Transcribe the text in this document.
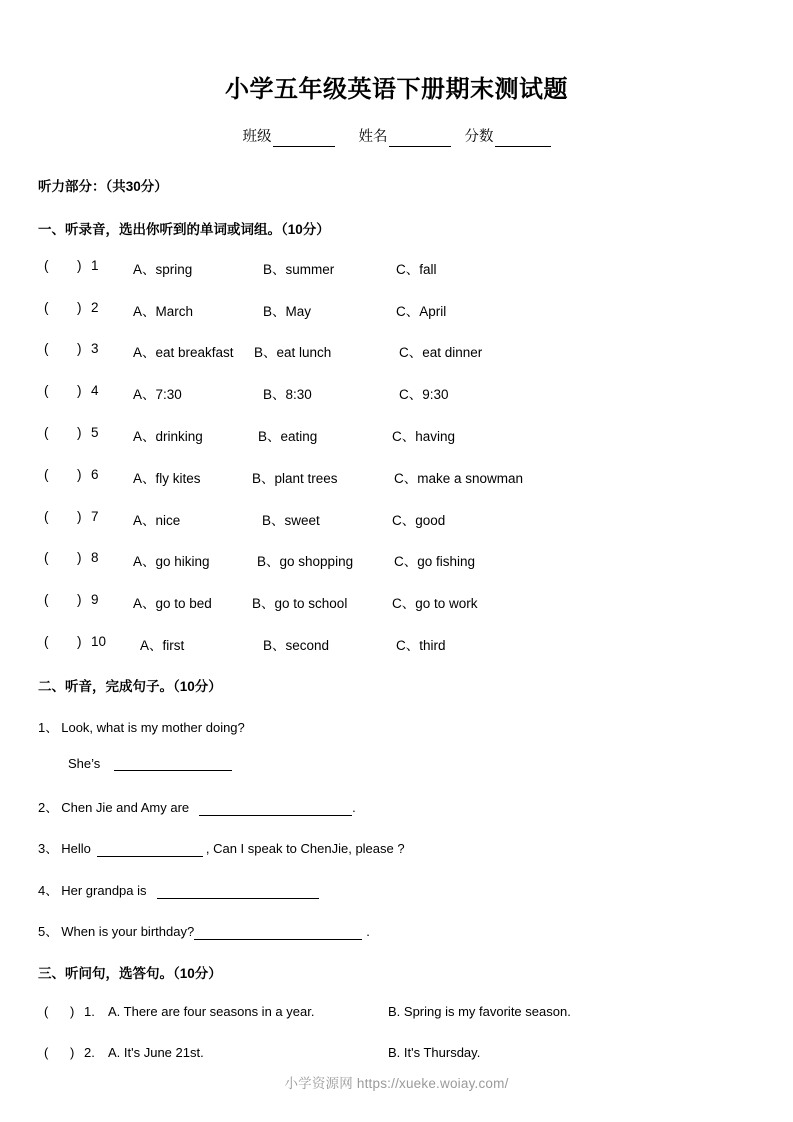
小学五年级英语下册期末测试题
班级	姓名	分数
听力部分：（共30分）
一、听录音，选出你听到的单词或词组。（10分）
( ) 1	A、spring	B、summer	C、fall
( ) 2	A、March	B、May	C、April
( ) 3	A、eat breakfast B、eat lunch	C、eat dinner
( ) 4	A、7:30	B、8:30	C、9:30
( ) 5	A、drinking	B、eating	C、having
( ) 6	A、fly kites	B、plant trees	C、make a snowman
( ) 7	A、nice	B、sweet	C、good
( ) 8	A、go hiking	B、go shopping	C、go fishing
( ) 9	A、go to bed	B、go to school	C、go to work
( ) 10	A、first	B、second	C、third
二、听音，完成句子。（10分）
1、 Look, what is my mother doing?
She’s
2、 Chen Jie and Amy are	.
3、 Hello	, Can I speak to ChenJie, please ?
4、 Her grandpa is
5、 When is your birthday?	.
三、听问句，选答句。（10分）
( ) 1. A. There are four seasons in a year.	B. Spring is my favorite season.
( ) 2. A. It's June 21st.	B. It's Thursday.
小学资源网 https://xueke.woiay.com/
